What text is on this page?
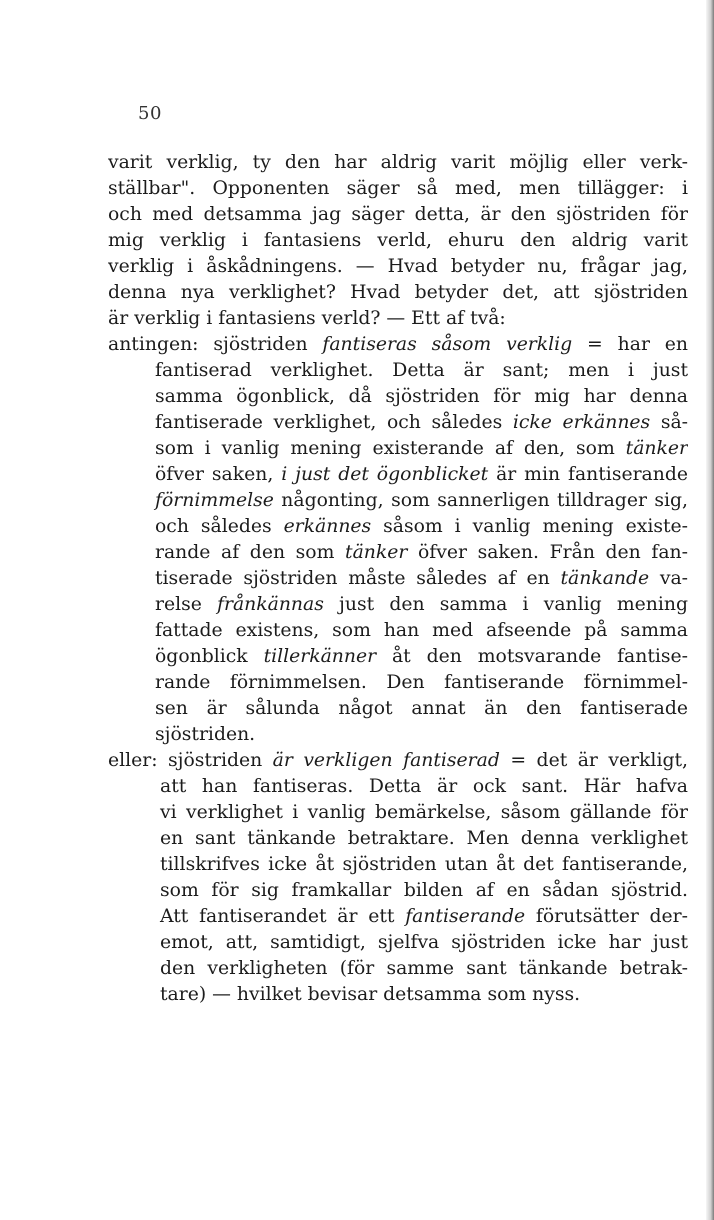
50
varit verklig, ty den har aldrig varit möjlig eller verk-
ställbar". Opponenten säger så med, men tillägger: i
och med detsamma jag säger detta, är den sjöstriden för
mig verklig i fantasiens verld, ehuru den aldrig varit
verklig i åskådningens. — Hvad betyder nu, frågar jag,
denna nya verklighet? Hvad betyder det, att sjöstriden
är verklig i fantasiens verld? — Ett af två:
antingen: sjöstriden fantiseras såsom verklig = har en
fantiserad verklighet. Detta är sant; men i just
samma ögonblick, då sjöstriden för mig har denna
fantiserade verklighet, och således icke erkännes så-
som i vanlig mening existerande af den, som tänker
öfver saken, i just det ögonblicket är min fantiserande
förnimmelse någonting, som sannerligen tilldrager sig,
och således erkännes såsom i vanlig mening existe-
rande af den som tänker öfver saken. Från den fan-
tiserade sjöstriden måste således af en tänkande va-
relse frånkännas just den samma i vanlig mening
fattade existens, som han med afseende på samma
ögonblick tillerkänner åt den motsvarande fantise-
rande förnimmelsen. Den fantiserande förnimmel-
sen är sålunda något annat än den fantiserade
sjöstriden.
eller: sjöstriden är verkligen fantiserad = det är verkligt,
att han fantiseras. Detta är ock sant. Här hafva
vi verklighet i vanlig bemärkelse, såsom gällande för
en sant tänkande betraktare. Men denna verklighet
tillskrifves icke åt sjöstriden utan åt det fantiserande,
som för sig framkallar bilden af en sådan sjöstrid.
Att fantiserandet är ett fantiserande förutsätter der-
emot, att, samtidigt, sjelfva sjöstriden icke har just
den verkligheten (för samme sant tänkande betrak-
tare) — hvilket bevisar detsamma som nyss.
